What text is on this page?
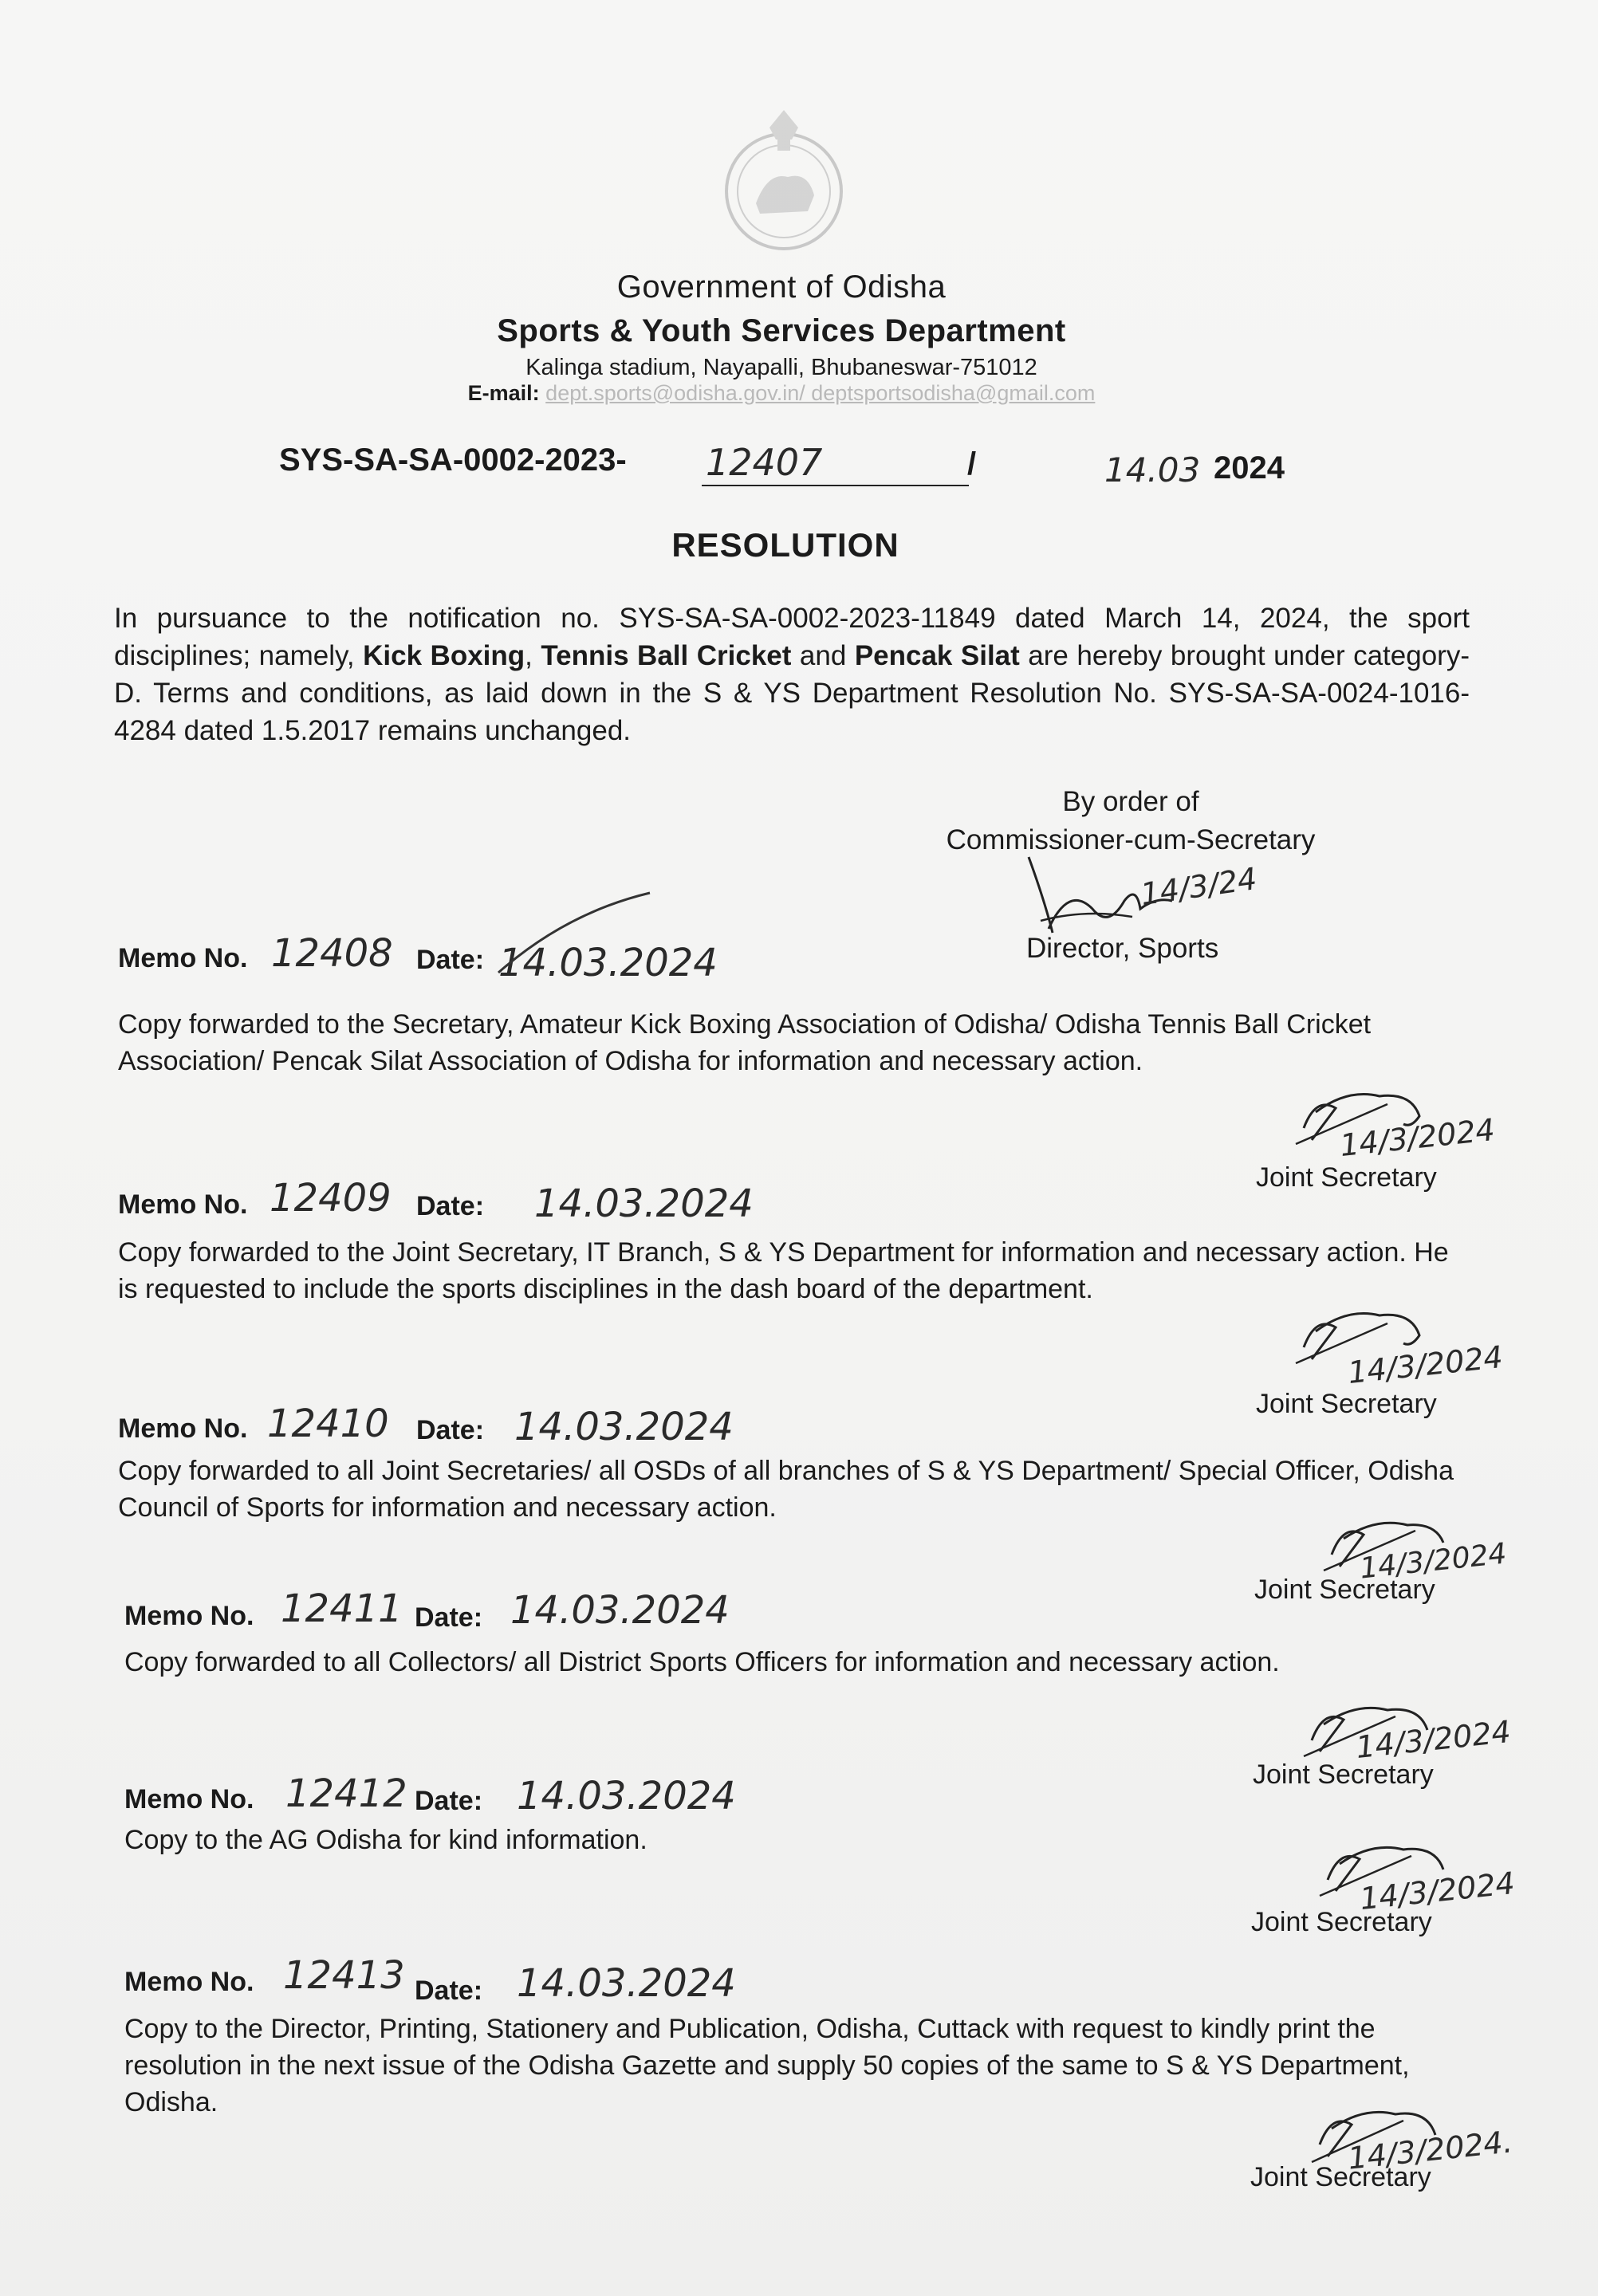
Government of Odisha
Sports & Youth Services Department
Kalinga stadium, Nayapalli, Bhubaneswar-751012
E-mail: dept.sports@odisha.gov.in/ deptsportsodisha@gmail.com
SYS-SA-SA-0002-2023- 12407	/	14.03 2024
RESOLUTION
In pursuance to the notification no. SYS-SA-SA-0002-2023-11849 dated March 14, 2024, the sport disciplines; namely, Kick Boxing, Tennis Ball Cricket and Pencak Silat are hereby brought under category-D. Terms and conditions, as laid down in the S & YS Department Resolution No. SYS-SA-SA-0024-1016-4284 dated 1.5.2017 remains unchanged.
By order of
Commissioner-cum-Secretary
14/3/24
Director, Sports
Memo No. 12408 Date: 14.03.2024
Copy forwarded to the Secretary, Amateur Kick Boxing Association of Odisha/ Odisha Tennis Ball Cricket Association/ Pencak Silat Association of Odisha for information and necessary action.
14/3/2024
Joint Secretary
Memo No. 12409 Date: 14.03.2024
Copy forwarded to the Joint Secretary, IT Branch, S & YS Department for information and necessary action. He is requested to include the sports disciplines in the dash board of the department.
14/3/2024
Joint Secretary
Memo No. 12410 Date: 14.03.2024
Copy forwarded to all Joint Secretaries/ all OSDs of all branches of S & YS Department/ Special Officer, Odisha Council of Sports for information and necessary action.
14/3/2024
Joint Secretary
Memo No. 12411 Date: 14.03.2024
Copy forwarded to all Collectors/ all District Sports Officers for information and necessary action.
14/3/2024
Joint Secretary
Memo No. 12412 Date: 14.03.2024
Copy to the AG Odisha for kind information.
14/3/2024
Joint Secretary
Memo No. 12413 Date: 14.03.2024
Copy to the Director, Printing, Stationery and Publication, Odisha, Cuttack with request to kindly print the resolution in the next issue of the Odisha Gazette and supply 50 copies of the same to S & YS Department, Odisha.
14/3/2024.
Joint Secretary
